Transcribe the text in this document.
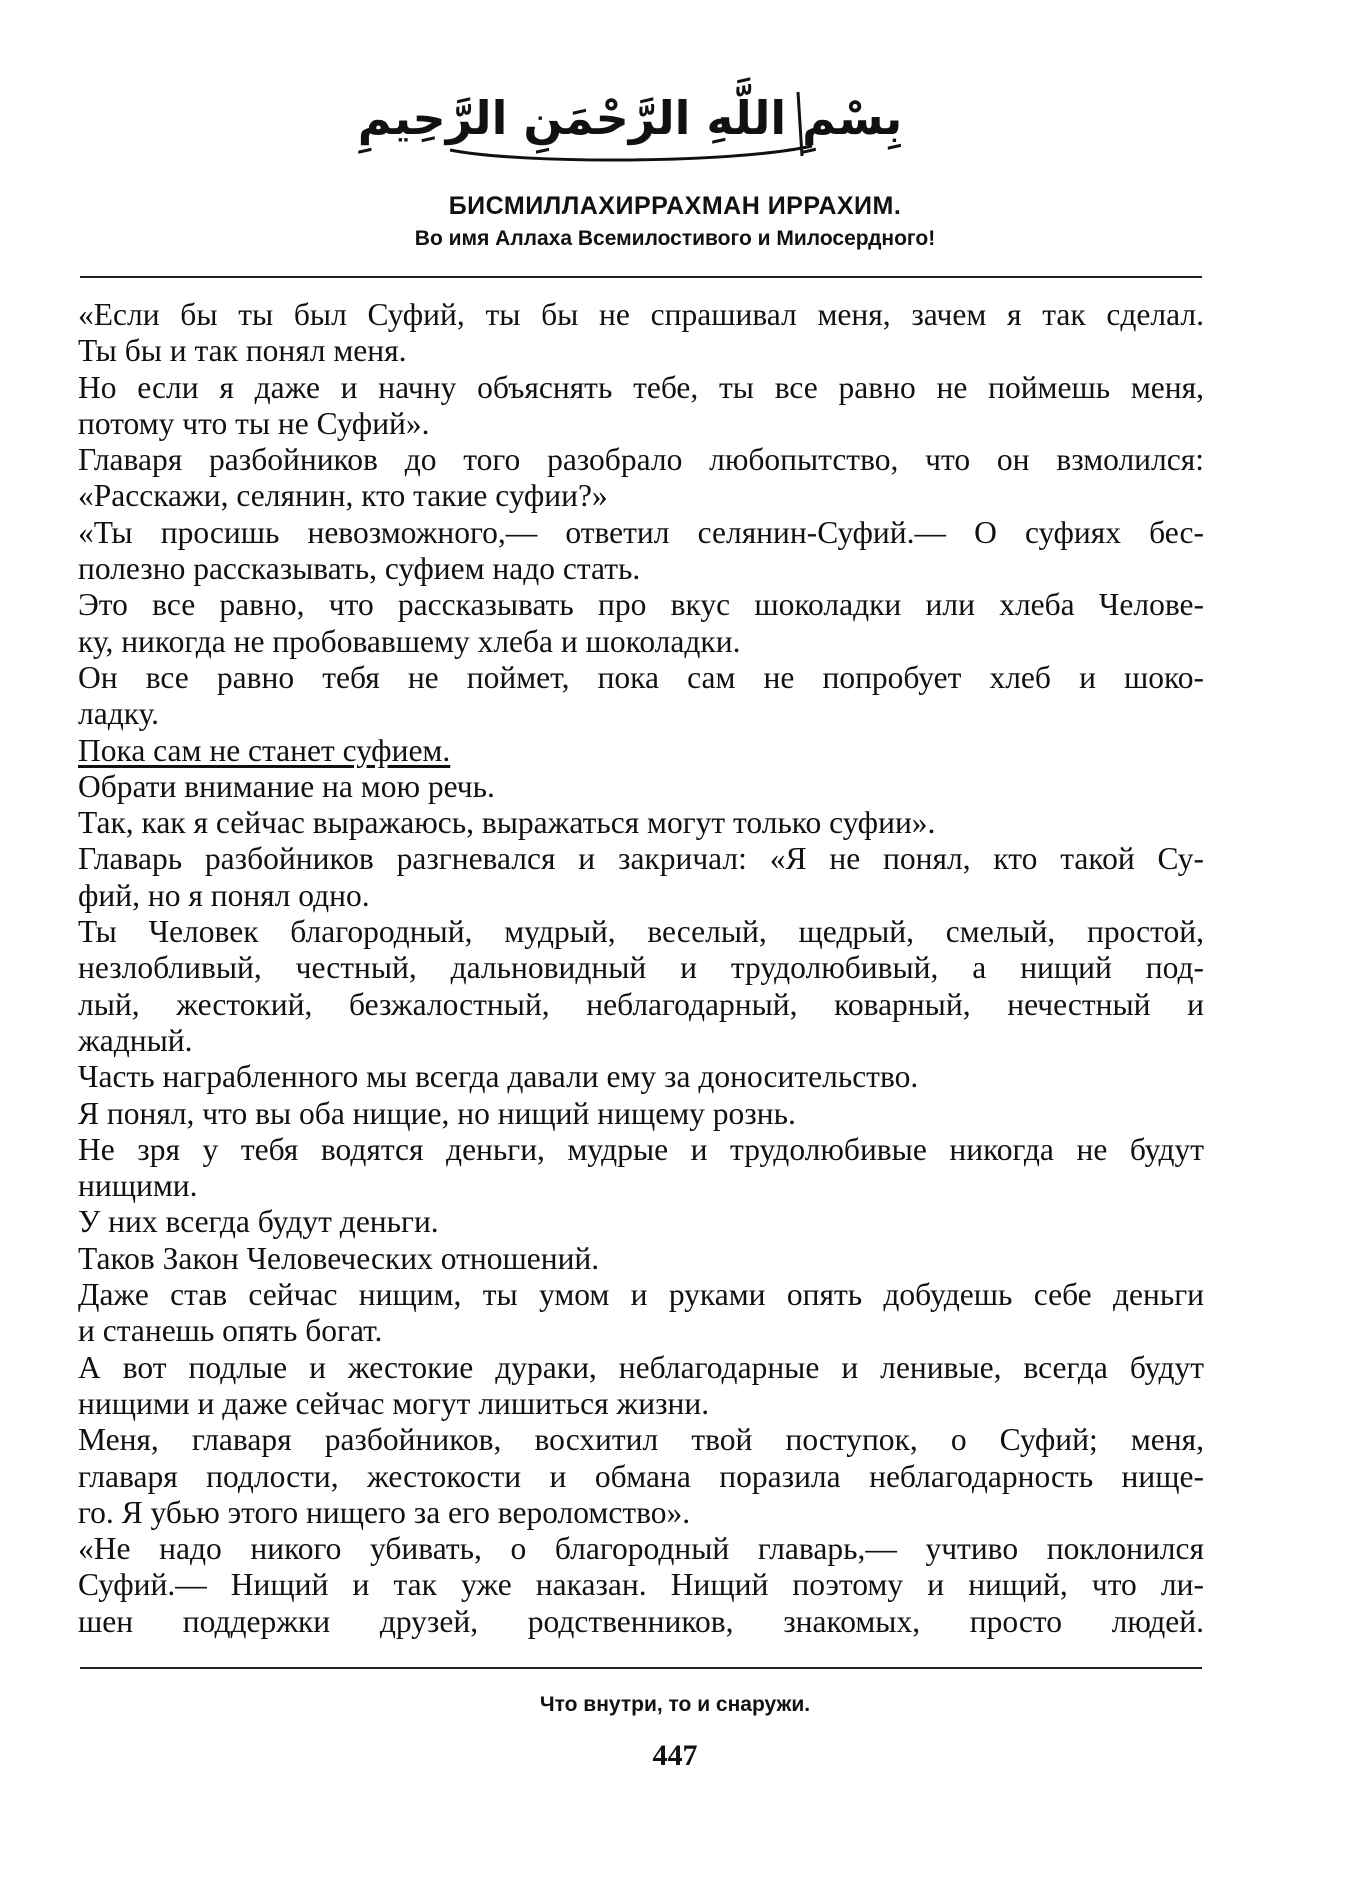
بِسْمِ اللَّهِ الرَّحْمَنِ الرَّحِيمِ
БИСМИЛЛАХИРРАХМАН ИРРАХИМ.
Во имя Аллаха Всемилостивого и Милосердного!
«Если бы ты был Суфий, ты бы не спрашивал меня, зачем я так сделал.
Ты бы и так понял меня.
Но если я даже и начну объяснять тебе, ты все равно не поймешь меня,
потому что ты не Суфий».
Главаря разбойников до того разобрало любопытство, что он взмолился:
«Расскажи, селянин, кто такие суфии?»
«Ты просишь невозможного,— ответил селянин-Суфий.— О суфиях бес-
полезно рассказывать, суфием надо стать.
Это все равно, что рассказывать про вкус шоколадки или хлеба Челове-
ку, никогда не пробовавшему хлеба и шоколадки.
Он все равно тебя не поймет, пока сам не попробует хлеб и шоко-
ладку.
Пока сам не станет суфием.
Обрати внимание на мою речь.
Так, как я сейчас выражаюсь, выражаться могут только суфии».
Главарь разбойников разгневался и закричал: «Я не понял, кто такой Су-
фий, но я понял одно.
Ты Человек благородный, мудрый, веселый, щедрый, смелый, простой,
незлобливый, честный, дальновидный и трудолюбивый, а нищий под-
лый, жестокий, безжалостный, неблагодарный, коварный, нечестный и
жадный.
Часть награбленного мы всегда давали ему за доносительство.
Я понял, что вы оба нищие, но нищий нищему рознь.
Не зря у тебя водятся деньги, мудрые и трудолюбивые никогда не будут
нищими.
У них всегда будут деньги.
Таков Закон Человеческих отношений.
Даже став сейчас нищим, ты умом и руками опять добудешь себе деньги
и станешь опять богат.
А вот подлые и жестокие дураки, неблагодарные и ленивые, всегда будут
нищими и даже сейчас могут лишиться жизни.
Меня, главаря разбойников, восхитил твой поступок, о Суфий; меня,
главаря подлости, жестокости и обмана поразила неблагодарность нище-
го. Я убью этого нищего за его вероломство».
«Не надо никого убивать, о благородный главарь,— учтиво поклонился
Суфий.— Нищий и так уже наказан. Нищий поэтому и нищий, что ли-
шен поддержки друзей, родственников, знакомых, просто людей.
Что внутри, то и снаружи.
447
